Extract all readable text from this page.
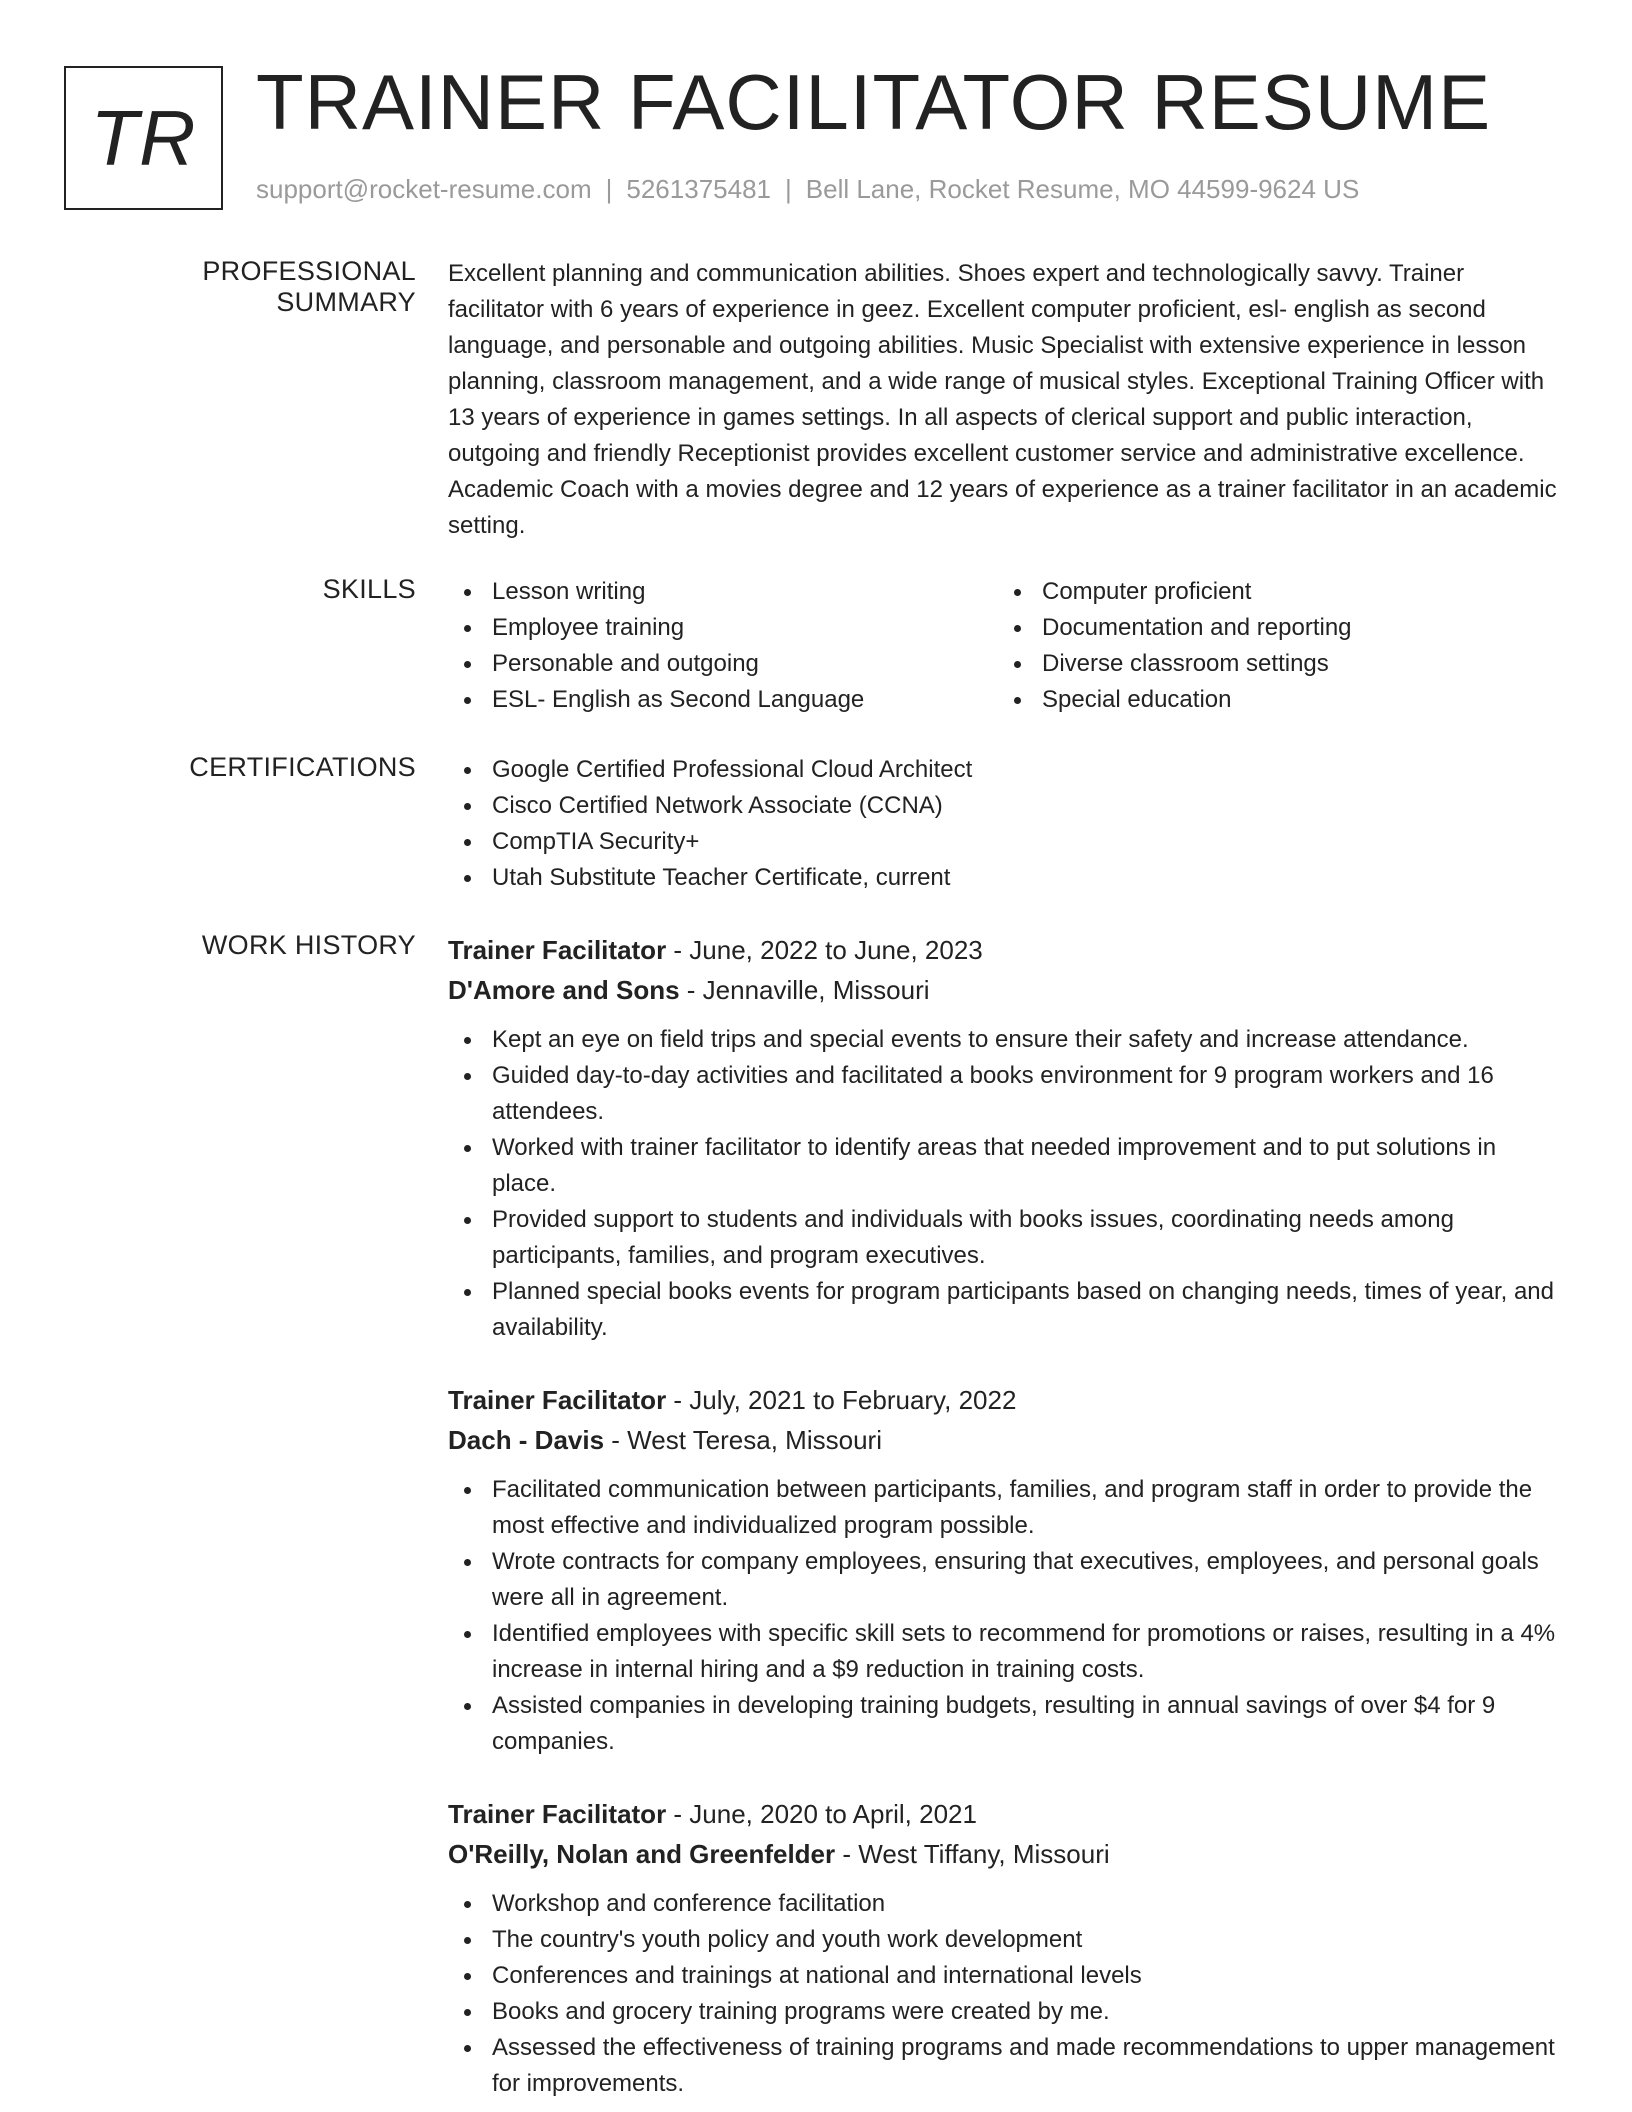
TR TRAINER FACILITATOR RESUME
support@rocket-resume.com | 5261375481 | Bell Lane, Rocket Resume, MO 44599-9624 US
PROFESSIONAL SUMMARY

Excellent planning and communication abilities. Shoes expert and technologically savvy. Trainer facilitator with 6 years of experience in geez. Excellent computer proficient, esl- english as second language, and personable and outgoing abilities. Music Specialist with extensive experience in lesson planning, classroom management, and a wide range of musical styles. Exceptional Training Officer with 13 years of experience in games settings. In all aspects of clerical support and public interaction, outgoing and friendly Receptionist provides excellent customer service and administrative excellence. Academic Coach with a movies degree and 12 years of experience as a trainer facilitator in an academic setting.

SKILLS	Lesson writing
Employee training
Personable and outgoing
ESL- English as Second Language
Computer proficient
Documentation and reporting
Diverse classroom settings
Special education
CERTIFICATIONS	Google Certified Professional Cloud Architect
Cisco Certified Network Associate (CCNA)
CompTIA Security+
Utah Substitute Teacher Certificate, current
WORK HISTORY Trainer Facilitator - June, 2022 to June, 2023
D'Amore and Sons - Jennaville, Missouri
Kept an eye on field trips and special events to ensure their safety and increase attendance.
Guided day-to-day activities and facilitated a books environment for 9 program workers and 16 attendees.
Worked with trainer facilitator to identify areas that needed improvement and to put solutions in place.
Provided support to students and individuals with books issues, coordinating needs among participants, families, and program executives.
Planned special books events for program participants based on changing needs, times of year, and availability.
Trainer Facilitator - July, 2021 to February, 2022
Dach - Davis - West Teresa, Missouri
Facilitated communication between participants, families, and program staff in order to provide the most effective and individualized program possible.
Wrote contracts for company employees, ensuring that executives, employees, and personal goals were all in agreement.
Identified employees with specific skill sets to recommend for promotions or raises, resulting in a 4% increase in internal hiring and a $9 reduction in training costs.
Assisted companies in developing training budgets, resulting in annual savings of over $4 for 9 companies.
Trainer Facilitator - June, 2020 to April, 2021
O'Reilly, Nolan and Greenfelder - West Tiffany, Missouri
Workshop and conference facilitation
The country's youth policy and youth work development
Conferences and trainings at national and international levels
Books and grocery training programs were created by me.
Assessed the effectiveness of training programs and made recommendations to upper management for improvements.
